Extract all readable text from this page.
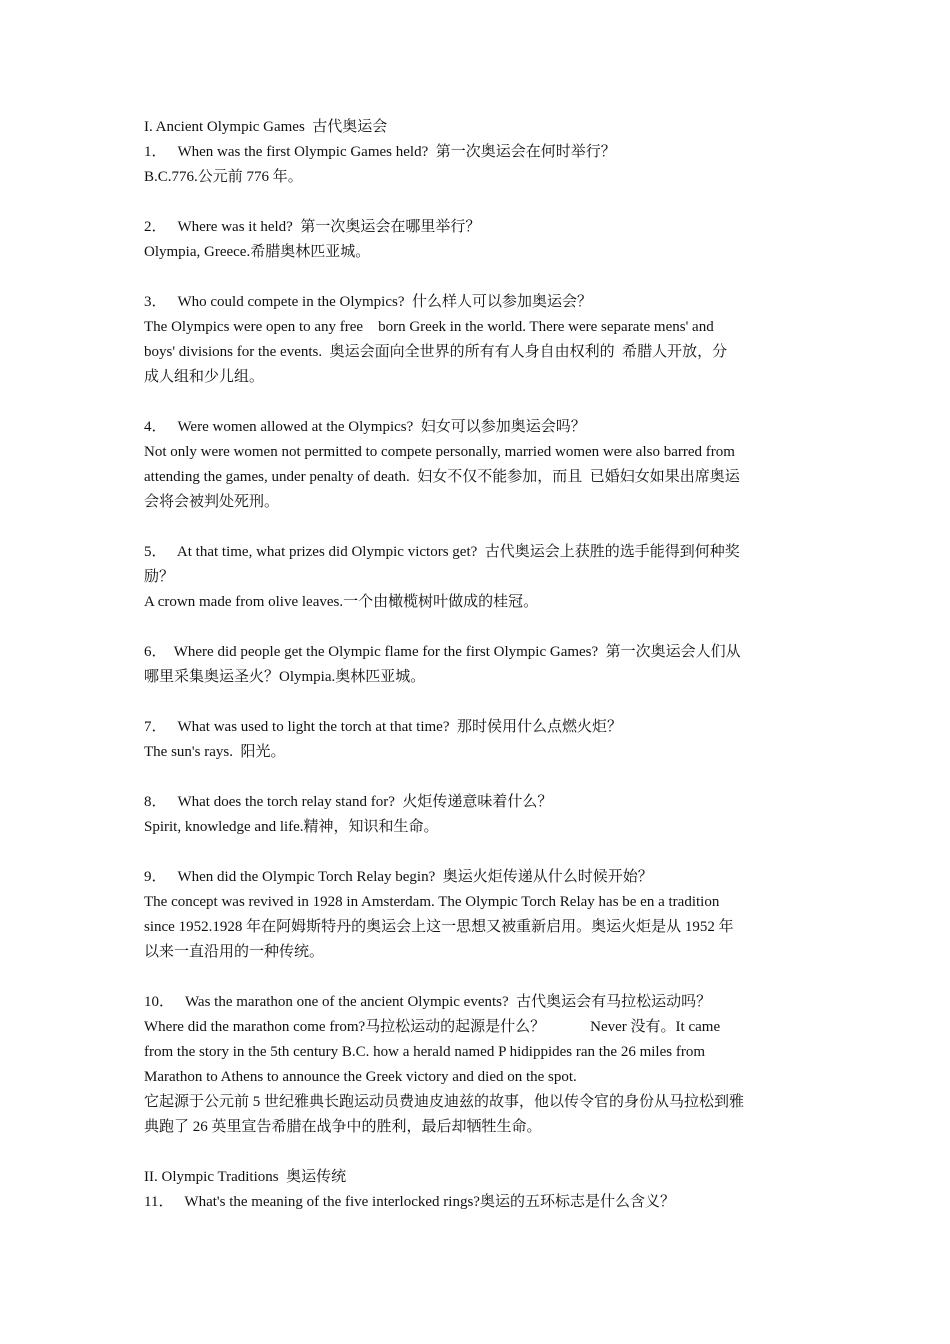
I. Ancient Olympic Games  古代奥运会
1．   When was the first Olympic Games held?  第一次奥运会在何时举行？
B.C.776.公元前 776 年。
2．   Where was it held?  第一次奥运会在哪里举行？
Olympia, Greece.希腊奥林匹亚城。
3．   Who could compete in the Olympics?  什么样人可以参加奥运会？
The Olympics were open to any free    born Greek in the world. There were separate mens' and
boys' divisions for the events.  奥运会面向全世界的所有有人身自由权利的  希腊人开放，分
成人组和少儿组。
4．   Were women allowed at the Olympics?  妇女可以参加奥运会吗？
Not only were women not permitted to compete personally, married women were also barred from
attending the games, under penalty of death.  妇女不仅不能参加，而且  已婚妇女如果出席奥运
会将会被判处死刑。
5．   At that time, what prizes did Olympic victors get?  古代奥运会上获胜的选手能得到何种奖
励？
A crown made from olive leaves.一个由橄榄树叶做成的桂冠。
6．  Where did people get the Olympic flame for the first Olympic Games?  第一次奥运会人们从
哪里采集奥运圣火？Olympia.奥林匹亚城。
7．   What was used to light the torch at that time?  那时侯用什么点燃火炬？
The sun's rays.  阳光。
8．   What does the torch relay stand for?  火炬传递意味着什么？
Spirit, knowledge and life.精神，知识和生命。
9．   When did the Olympic Torch Relay begin?  奥运火炬传递从什么时候开始？
The concept was revived in 1928 in Amsterdam. The Olympic Torch Relay has be en a tradition
since 1952.1928 年在阿姆斯特丹的奥运会上这一思想又被重新启用。奥运火炬是从 1952 年
以来一直沿用的一种传统。
10．   Was the marathon one of the ancient Olympic events?  古代奥运会有马拉松运动吗？
Where did the marathon come from?马拉松运动的起源是什么？            Never 没有。It came
from the story in the 5th century B.C. how a herald named P hidippides ran the 26 miles from
Marathon to Athens to announce the Greek victory and died on the spot.
它起源于公元前 5 世纪雅典长跑运动员费迪皮迪兹的故事，他以传令官的身份从马拉松到雅
典跑了 26 英里宣告希腊在战争中的胜利，最后却牺牲生命。
II. Olympic Traditions  奥运传统
11．   What's the meaning of the five interlocked rings?奥运的五环标志是什么含义？
